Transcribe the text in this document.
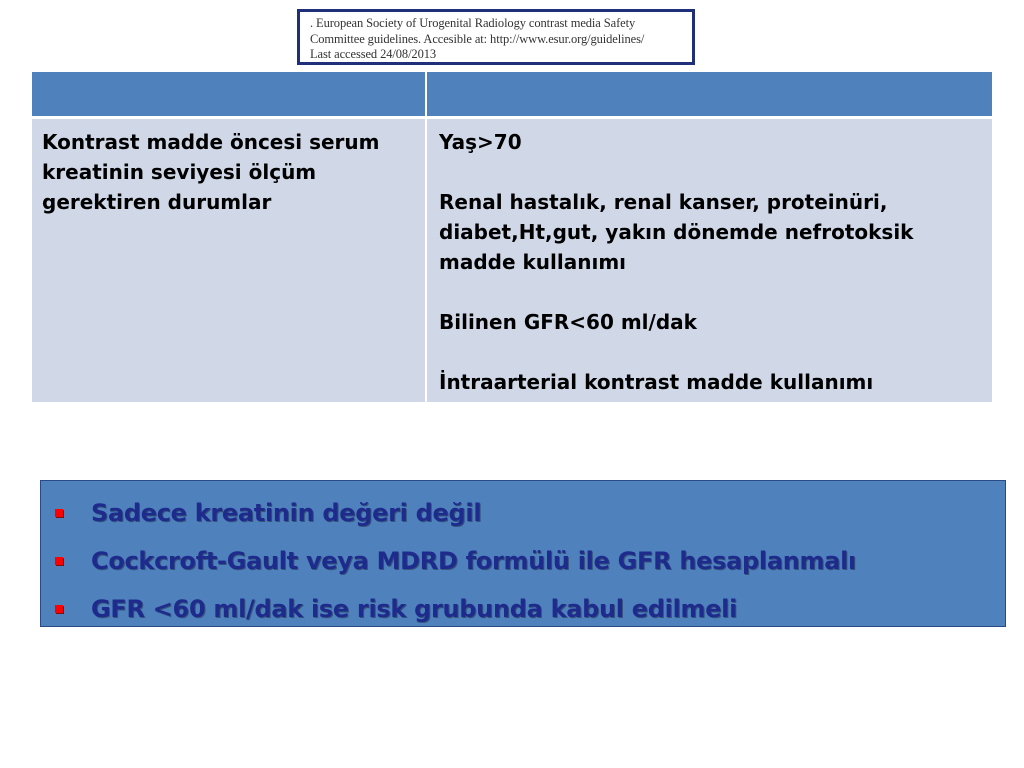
. European Society of Urogenital Radiology contrast media Safety
Committee guidelines. Accesible at: http://www.esur.org/guidelines/
Last accessed 24/08/2013

Kontrast madde öncesi serum kreatinin seviyesi ölçüm gerektiren durumlar	Yaş>70
Renal hastalık, renal kanser, proteinüri, diabet,Ht,gut, yakın dönemde nefrotoksik madde kullanımı
Bilinen GFR<60 ml/dak
İntraarterial kontrast madde kullanımı
Sadece kreatinin değeri değil
Cockcroft-Gault veya MDRD formülü ile GFR hesaplanmalı
GFR <60 ml/dak ise risk grubunda kabul edilmeli
